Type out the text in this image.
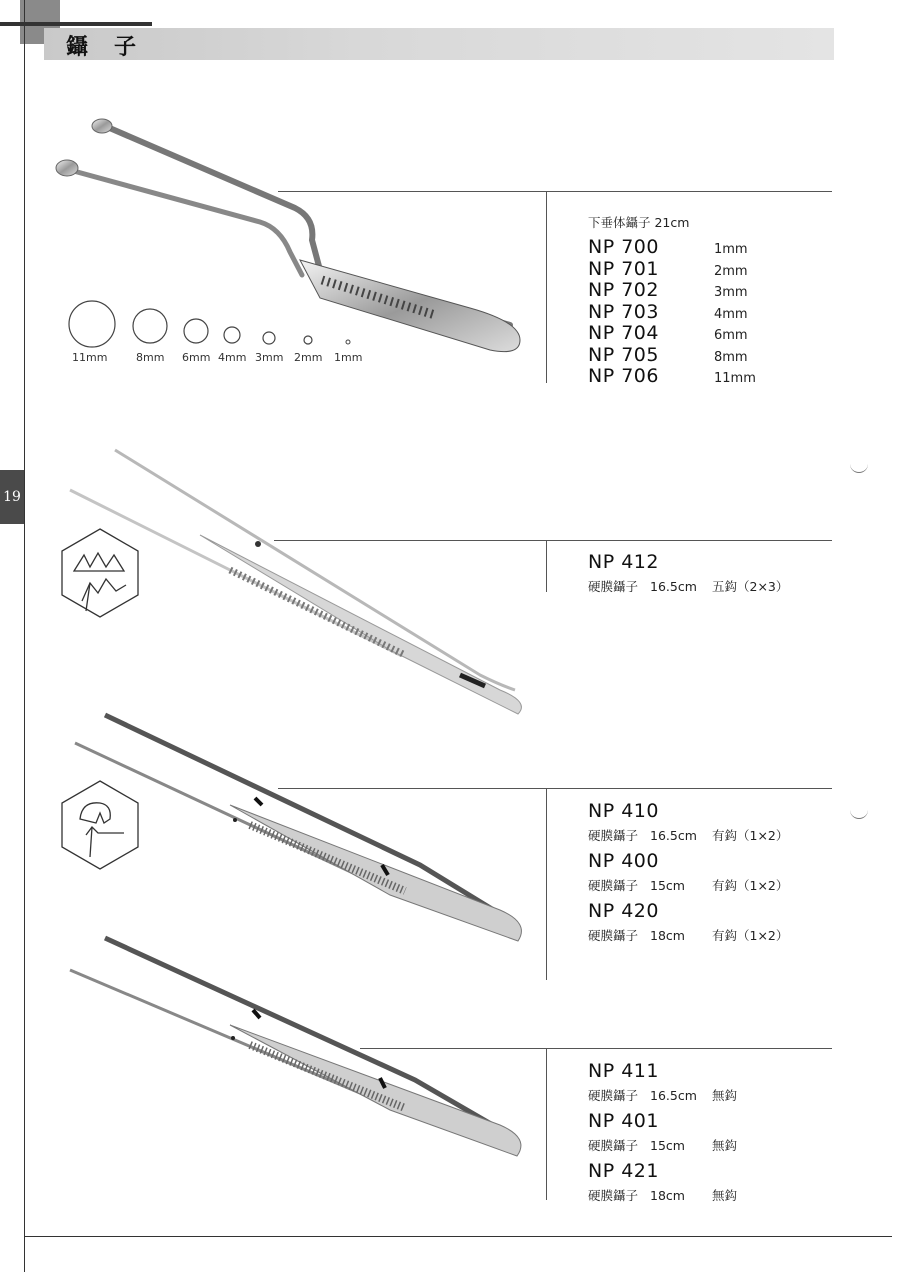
鑷子
19
11mm	8mm 6mm 4mm 3mm 2mm 1mm
下垂体鑷子 21cm
NP 700	1mm
NP 701	2mm
NP 702	3mm
NP 703	4mm
NP 704	6mm
NP 705	8mm
NP 706	11mm
NP 412
硬膜鑷子 16.5cm 五鈎（2×3）
NP 410
硬膜鑷子 16.5cm 有鈎（1×2）
NP 400
硬膜鑷子 15cm 有鈎（1×2）
NP 420
硬膜鑷子 18cm 有鈎（1×2）
NP 411
硬膜鑷子 16.5cm 無鈎
NP 401
硬膜鑷子 15cm 無鈎
NP 421
硬膜鑷子 18cm 無鈎
